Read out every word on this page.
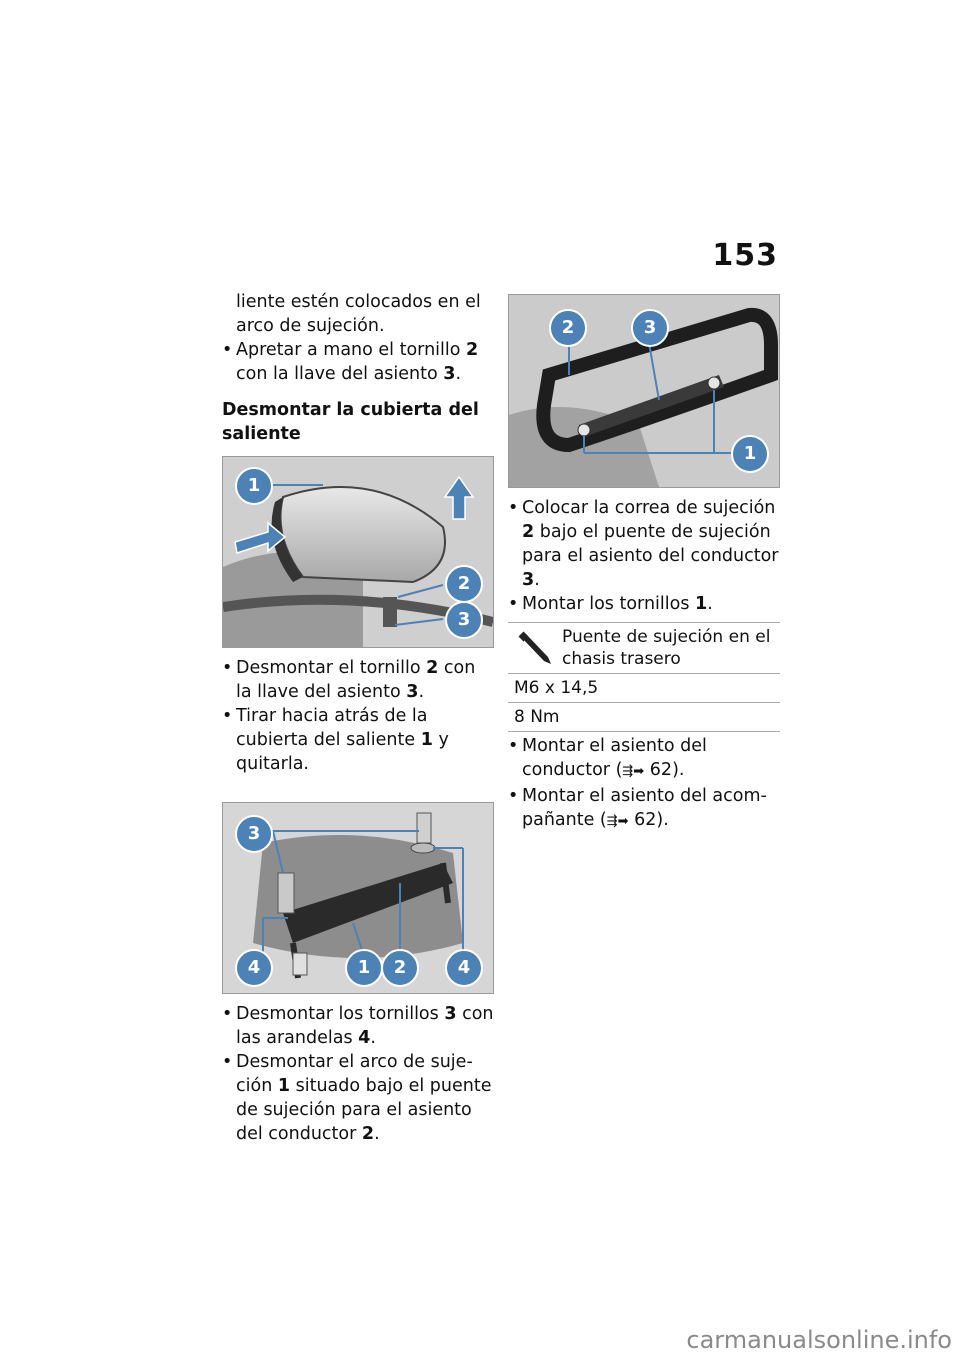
153

liente estén colocados en el

arco de sujeción.

• Apretar a mano el tornillo 2 con la llave del asiento 3.

Desmontar la cubierta del saliente

1
2
3

• Desmontar el tornillo 2 con la llave del asiento 3.

• Tirar hacia atrás de la cubierta del saliente 1 y quitarla.

3
4	1	2	4

• Desmontar los tornillos 3 con las arandelas 4.

• Desmontar el arco de sujeción 1 situado bajo el puente de sujeción para el asiento del conductor 2.

2	3
1

• Colocar la correa de sujeción 2 bajo el puente de sujeción para el asiento del conductor 3.

• Montar los tornillos 1.

Puente de sujeción en el chasis trasero
M6 x 14,5
8 Nm

• Montar el asiento del conductor (⇶➡ 62).

• Montar el asiento del acompañante (⇶➡ 62).

carmanualsonline.info
